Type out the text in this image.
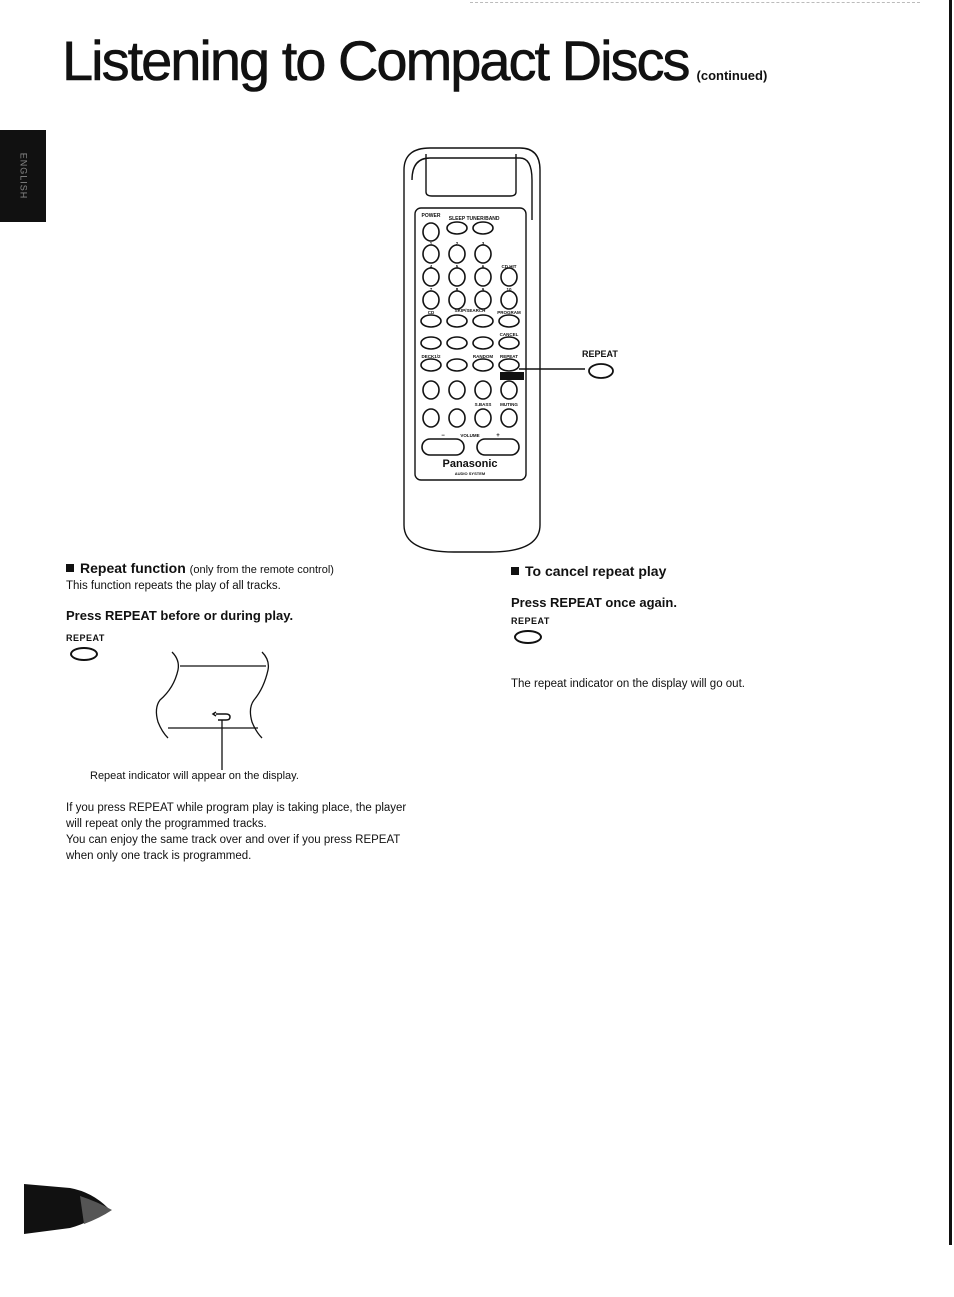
Listening to Compact Discs (continued)
ENGLISH
POWER SLEEP TUNER/BAND
1	2	3
4	5	6	CD HIT
7	8	9	10
CD	SKIP/SEARCH	PROGRAM
CANCEL
DECK1/2	RANDOM REPEAT
S.BASS MUTING
VOLUME
−	+
Panasonic
AUDIO SYSTEM
REPEAT
Repeat function (only from the remote control)
This function repeats the play of all tracks.
Press REPEAT before or during play.
REPEAT
Repeat indicator will appear on the display.
If you press REPEAT while program play is taking place, the player
will repeat only the programmed tracks.
You can enjoy the same track over and over if you press REPEAT
when only one track is programmed.
To cancel repeat play
Press REPEAT once again.
REPEAT
The repeat indicator on the display will go out.
